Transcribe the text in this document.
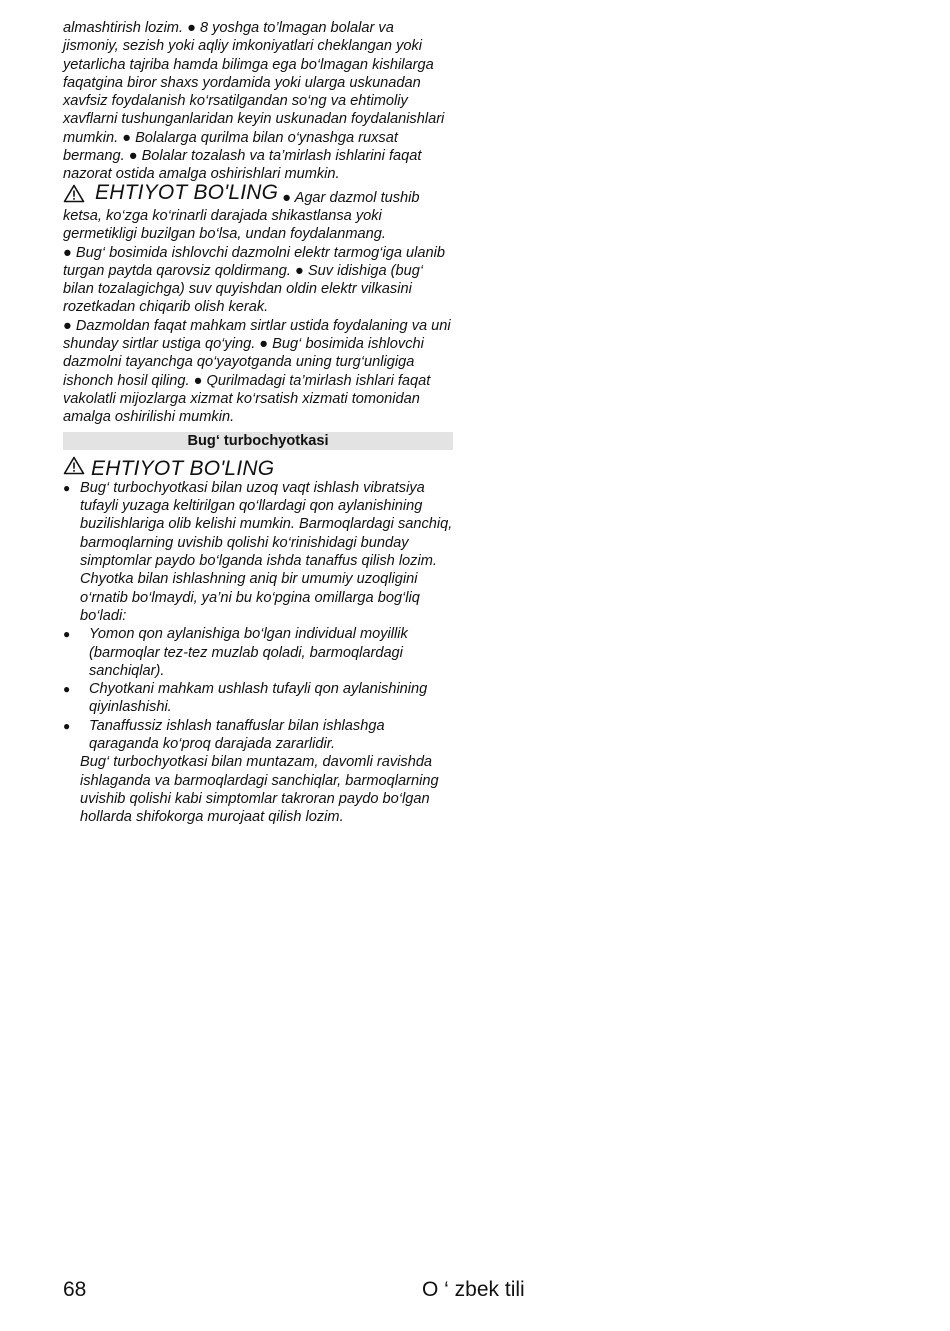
almashtirish lozim. ● 8 yoshga to’lmagan bolalar va jismoniy, sezish yoki aqliy imkoniyatlari cheklangan yoki yetarlicha tajriba hamda bilimga ega bo‘lmagan kishilarga faqatgina biror shaxs yordamida yoki ularga uskunadan xavfsiz foydalanish ko‘rsatilgandan so‘ng va ehtimoliy xavflarni tushunganlaridan keyin uskunadan foydalanishlari mumkin. ● Bolalarga qurilma bilan o‘ynashga ruxsat bermang. ● Bolalar tozalash va ta’mirlash ishlarini faqat nazorat ostida amalga oshirishlari mumkin.

EHTIYOT BO'LING ● Agar dazmol tushib ketsa, ko‘zga ko‘rinarli darajada shikastlansa yoki germetikligi buzilgan bo‘lsa, undan foydalanmang.

● Bug‘ bosimida ishlovchi dazmolni elektr tarmog‘iga ulanib turgan paytda qarovsiz qoldirmang. ● Suv idishiga (bug‘ bilan tozalagichga) suv quyishdan oldin elektr vilkasini rozetkadan chiqarib olish kerak.

● Dazmoldan faqat mahkam sirtlar ustida foydalaning va uni shunday sirtlar ustiga qo‘ying. ● Bug‘ bosimida ishlovchi dazmolni tayanchga qo‘yayotganda uning turg‘unligiga ishonch hosil qiling. ● Qurilmadagi ta’mirlash ishlari faqat vakolatli mijozlarga xizmat ko‘rsatish xizmati tomonidan amalga oshirilishi mumkin.

Bug‘ turbochyotkasi
EHTIYOT BO'LING
● Bug‘ turbochyotkasi bilan uzoq vaqt ishlash vibratsiya tufayli yuzaga keltirilgan qo‘llardagi qon aylanishining buzilishlariga olib kelishi mumkin. Barmoqlardagi sanchiq, barmoqlarning uvishib qolishi ko‘rinishidagi bunday simptomlar paydo bo‘lganda ishda tanaffus qilish lozim. Chyotka bilan ishlashning aniq bir umumiy uzoqligini o‘rnatib bo‘lmaydi, ya’ni bu ko‘pgina omillarga bog‘liq bo‘ladi:
● Yomon qon aylanishiga bo‘lgan individual moyillik (barmoqlar tez-tez muzlab qoladi, barmoqlardagi sanchiqlar).
● Chyotkani mahkam ushlash tufayli qon aylanishining qiyinlashishi.
● Tanaffussiz ishlash tanaffuslar bilan ishlashga qaraganda ko‘proq darajada zararlidir.

Bug‘ turbochyotkasi bilan muntazam, davomli ravishda ishlaganda va barmoqlardagi sanchiqlar, barmoqlarning uvishib qolishi kabi simptomlar takroran paydo bo‘lgan hollarda shifokorga murojaat qilish lozim.

68	O ‘ zbek tili
